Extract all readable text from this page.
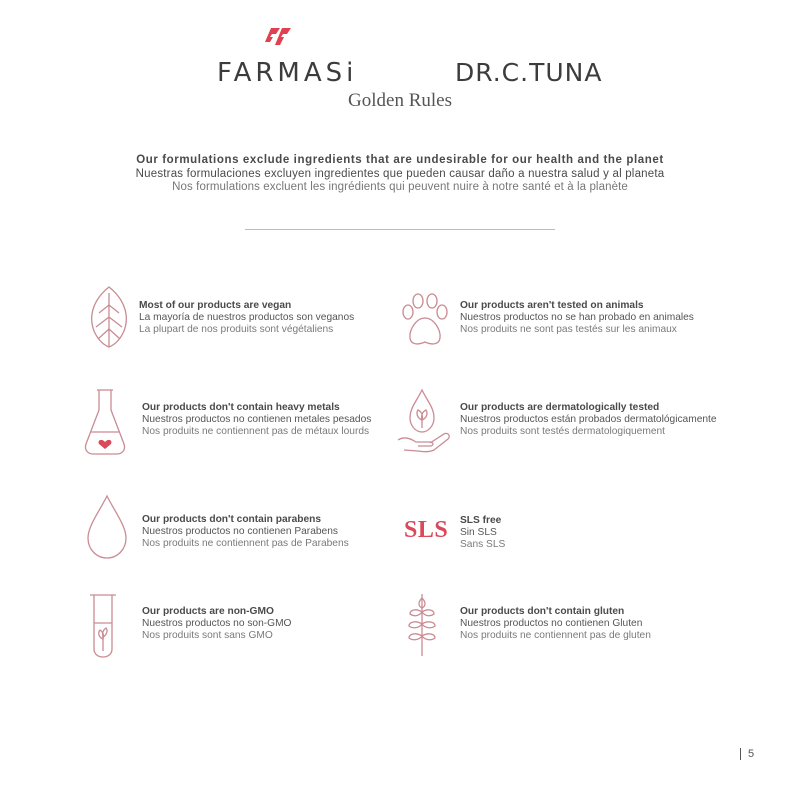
FARMASi	DR.C.TUNA
Golden Rules
Our formulations exclude ingredients that are undesirable for our health and the planet
Nuestras formulaciones excluyen ingredientes que pueden causar daño a nuestra salud y al planeta
Nos formulations excluent les ingrédients qui peuvent nuire à notre santé et à la planète
Most of our products are vegan
La mayoría de nuestros productos son veganos
La plupart de nos produits sont végétaliens
Our products aren't tested on animals
Nuestros productos no se han probado en animales
Nos produits ne sont pas testés sur les animaux
Our products don't contain heavy metals
Nuestros productos no contienen metales pesados
Nos produits ne contiennent pas de métaux lourds
Our products are dermatologically tested
Nuestros productos están probados dermatológicamente
Nos produits sont testés dermatologiquement
Our products don't contain parabens
Nuestros productos no contienen Parabens
Nos produits ne contiennent pas de Parabens
SLS SLS free
Sin SLS
Sans SLS
Our products are non-GMO
Nuestros productos no son-GMO
Nos produits sont sans GMO
Our products don't contain gluten
Nuestros productos no contienen Gluten
Nos produits ne contiennent pas de gluten
5
